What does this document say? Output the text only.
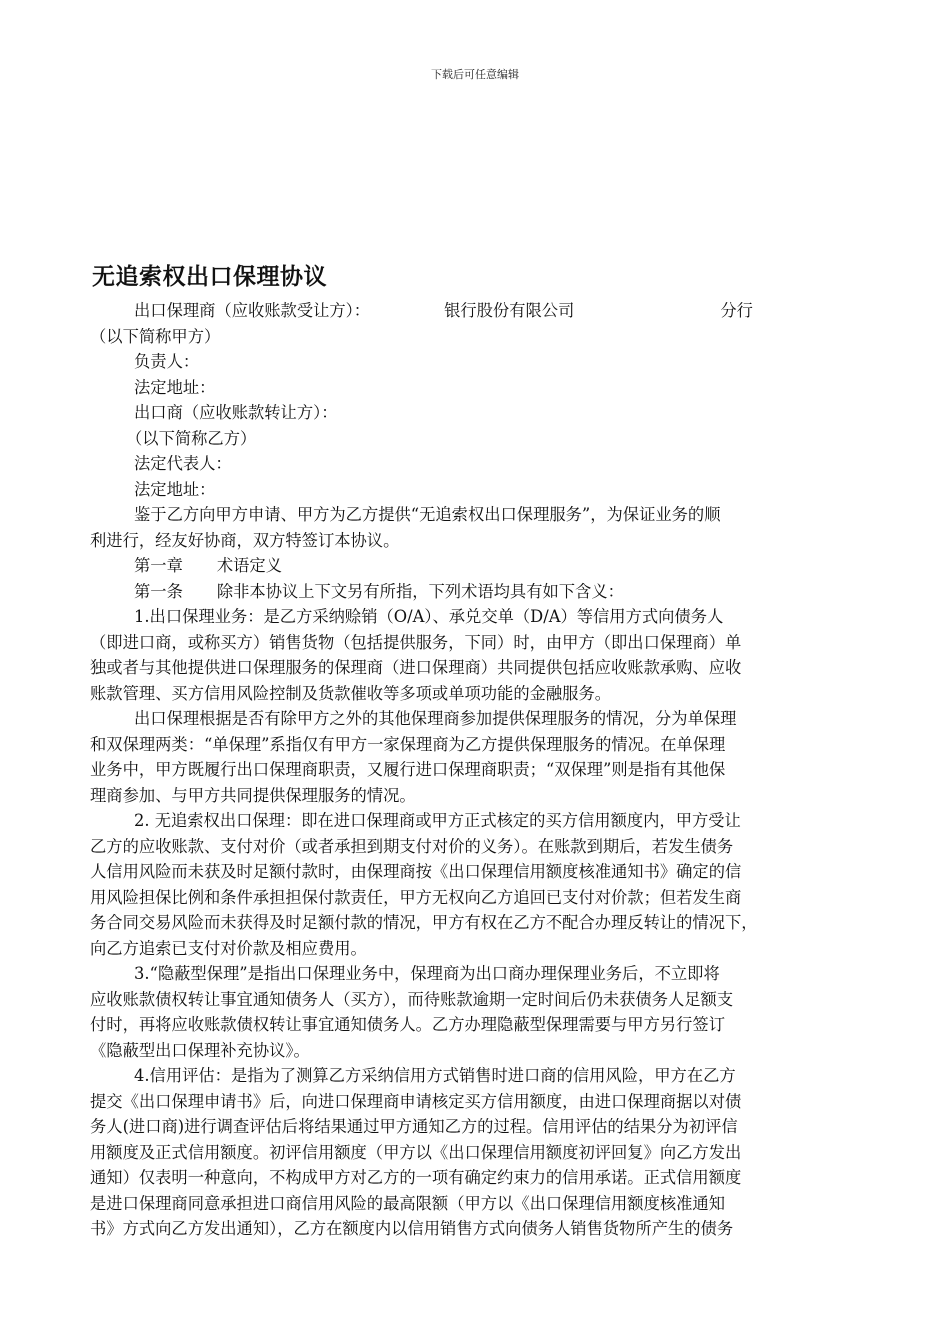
下载后可任意编辑
无追索权出口保理协议
出口保理商（应收账款受让方）：	银行股份有限公司	分行
（以下简称甲方）
负责人：
法定地址：
出口商（应收账款转让方）：
（以下简称乙方）
法定代表人：
法定地址：
鉴于乙方向甲方申请、甲方为乙方提供“无追索权出口保理服务”，为保证业务的顺
利进行，经友好协商，双方特签订本协议。
第一章 术语定义
第一条 除非本协议上下文另有所指，下列术语均具有如下含义：
1.出口保理业务：是乙方采纳赊销（O/A）、承兑交单（D/A）等信用方式向债务人
（即进口商，或称买方）销售货物（包括提供服务，下同）时，由甲方（即出口保理商）单
独或者与其他提供进口保理服务的保理商（进口保理商）共同提供包括应收账款承购、应收
账款管理、买方信用风险控制及货款催收等多项或单项功能的金融服务。
出口保理根据是否有除甲方之外的其他保理商参加提供保理服务的情况，分为单保理
和双保理两类：“单保理”系指仅有甲方一家保理商为乙方提供保理服务的情况。在单保理
业务中，甲方既履行出口保理商职责，又履行进口保理商职责；“双保理”则是指有其他保
理商参加、与甲方共同提供保理服务的情况。
2. 无追索权出口保理：即在进口保理商或甲方正式核定的买方信用额度内，甲方受让
乙方的应收账款、支付对价（或者承担到期支付对价的义务）。在账款到期后，若发生债务
人信用风险而未获及时足额付款时，由保理商按《出口保理信用额度核准通知书》确定的信
用风险担保比例和条件承担担保付款责任，甲方无权向乙方追回已支付对价款；但若发生商
务合同交易风险而未获得及时足额付款的情况，甲方有权在乙方不配合办理反转让的情况下，
向乙方追索已支付对价款及相应费用。
3.“隐蔽型保理”是指出口保理业务中，保理商为出口商办理保理业务后，不立即将
应收账款债权转让事宜通知债务人（买方），而待账款逾期一定时间后仍未获债务人足额支
付时，再将应收账款债权转让事宜通知债务人。乙方办理隐蔽型保理需要与甲方另行签订
《隐蔽型出口保理补充协议》。
4.信用评估：是指为了测算乙方采纳信用方式销售时进口商的信用风险，甲方在乙方
提交《出口保理申请书》后，向进口保理商申请核定买方信用额度，由进口保理商据以对债
务人(进口商)进行调查评估后将结果通过甲方通知乙方的过程。信用评估的结果分为初评信
用额度及正式信用额度。初评信用额度（甲方以《出口保理信用额度初评回复》向乙方发出
通知）仅表明一种意向，不构成甲方对乙方的一项有确定约束力的信用承诺。正式信用额度
是进口保理商同意承担进口商信用风险的最高限额（甲方以《出口保理信用额度核准通知
书》方式向乙方发出通知），乙方在额度内以信用销售方式向债务人销售货物所产生的债务
